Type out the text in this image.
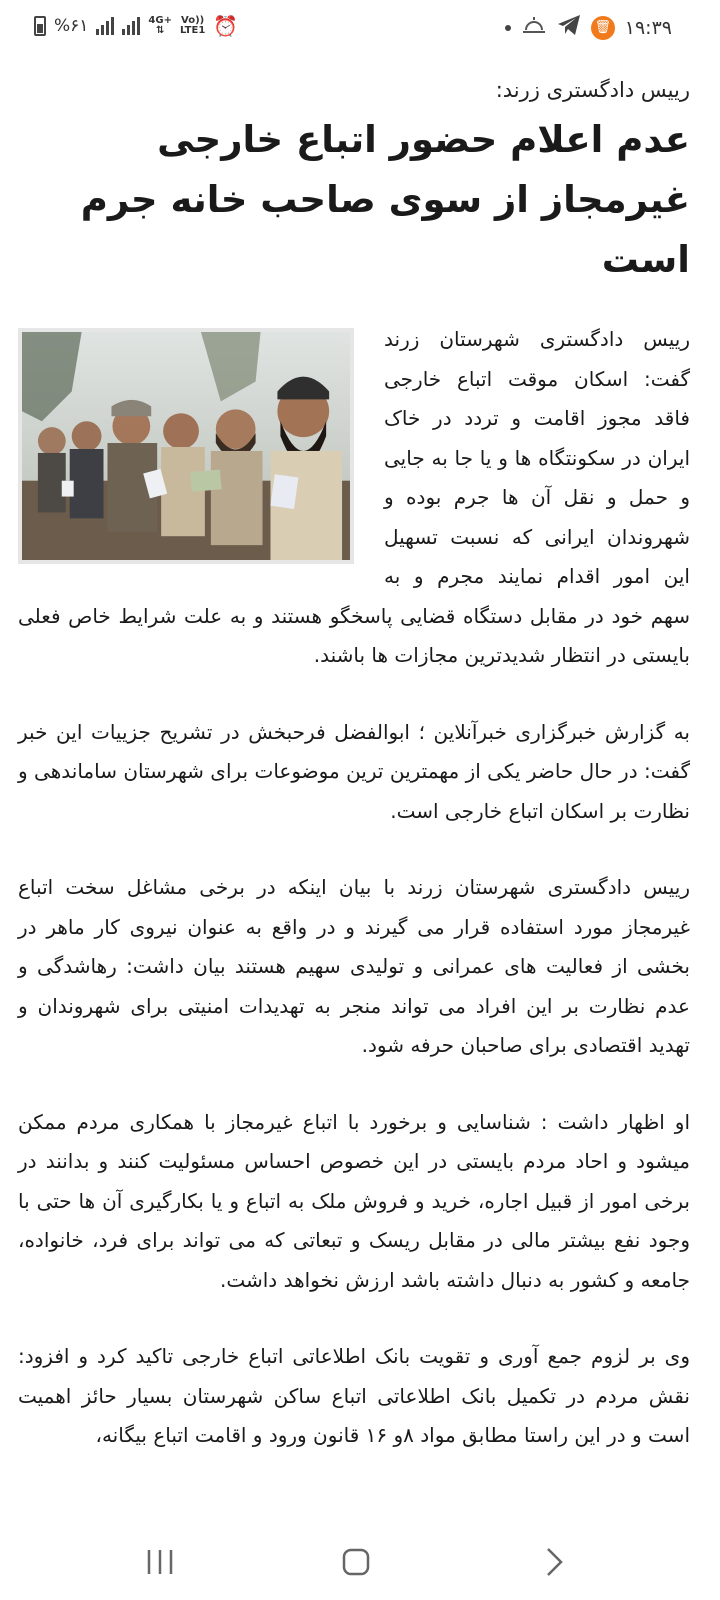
%۶۱	4G+
⇅
Vo))
LTE1 ⏰	🗑 ۱۹:۳۹
رییس دادگستری زرند:
عدم اعلام حضور اتباع خارجی غیرمجاز از سوی صاحب خانه جرم است

رییس دادگستری شهرستان زرند گفت: اسکان موقت اتباع خارجی فاقد مجوز اقامت و تردد در خاک ایران در سکونتگاه ها و یا جا به جایی و حمل و نقل آن ها جرم بوده و شهروندان ایرانی که نسبت تسهیل این امور اقدام نمایند مجرم و به سهم خود در مقابل دستگاه قضایی پاسخگو هستند و به علت شرایط خاص فعلی بایستی در انتظار شدیدترین مجازات ها باشند.

به گزارش خبرگزاری خبرآنلاین ؛ ابوالفضل فرحبخش در تشریح جزییات این خبر گفت: در حال حاضر یکی از مهمترین ترین موضوعات برای شهرستان ساماندهی و نظارت بر اسکان اتباع خارجی است.

رییس دادگستری شهرستان زرند با بیان اینکه در برخی مشاغل سخت اتباع غیرمجاز مورد استفاده قرار می گیرند و در واقع به عنوان نیروی کار ماهر در بخشی از فعالیت های عمرانی و تولیدی سهیم هستند بیان داشت: رهاشدگی و عدم نظارت بر این افراد می تواند منجر به تهدیدات امنیتی برای شهروندان و تهدید اقتصادی برای صاحبان حرفه شود.

او اظهار داشت : شناسایی و برخورد با اتباع غیرمجاز با همکاری مردم ممکن میشود و احاد مردم بایستی در این خصوص احساس مسئولیت کنند و بدانند در برخی امور از قبیل اجاره، خرید و فروش ملک به اتباع و یا بکارگیری آن ها حتی با وجود نفع بیشتر مالی در مقابل ریسک و تبعاتی که می تواند برای فرد، خانواده، جامعه و کشور به دنبال داشته باشد ارزش نخواهد داشت.

وی بر لزوم جمع آوری و تقویت بانک اطلاعاتی اتباع خارجی تاکید کرد و افزود: نقش مردم در تکمیل بانک اطلاعاتی اتباع ساکن شهرستان بسیار حائز اهمیت است و در این راستا مطابق مواد ۸و ۱۶ قانون ورود و اقامت اتباع بیگانه،
